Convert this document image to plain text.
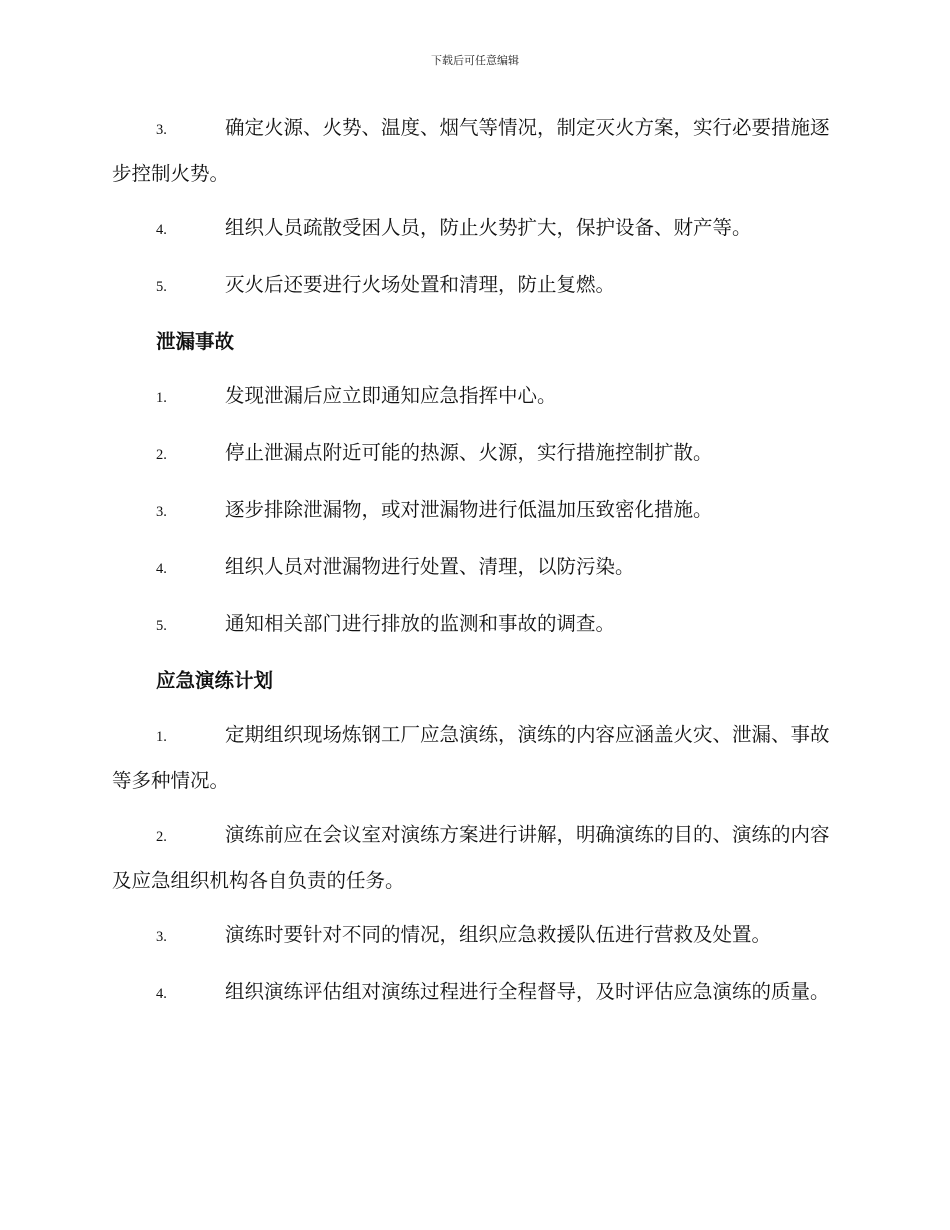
下载后可任意编辑

3.	确定火源、火势、温度、烟气等情况，制定灭火方案，实行必要措施逐步控制火势。

4.	组织人员疏散受困人员，防止火势扩大，保护设备、财产等。

5.	灭火后还要进行火场处置和清理，防止复燃。

泄漏事故

1.	发现泄漏后应立即通知应急指挥中心。

2.	停止泄漏点附近可能的热源、火源，实行措施控制扩散。

3.	逐步排除泄漏物，或对泄漏物进行低温加压致密化措施。

4.	组织人员对泄漏物进行处置、清理，以防污染。

5.	通知相关部门进行排放的监测和事故的调查。

应急演练计划

1.	定期组织现场炼钢工厂应急演练，演练的内容应涵盖火灾、泄漏、事故等多种情况。

2.	演练前应在会议室对演练方案进行讲解，明确演练的目的、演练的内容及应急组织机构各自负责的任务。

3.	演练时要针对不同的情况，组织应急救援队伍进行营救及处置。

4.	组织演练评估组对演练过程进行全程督导，及时评估应急演练的质量。
